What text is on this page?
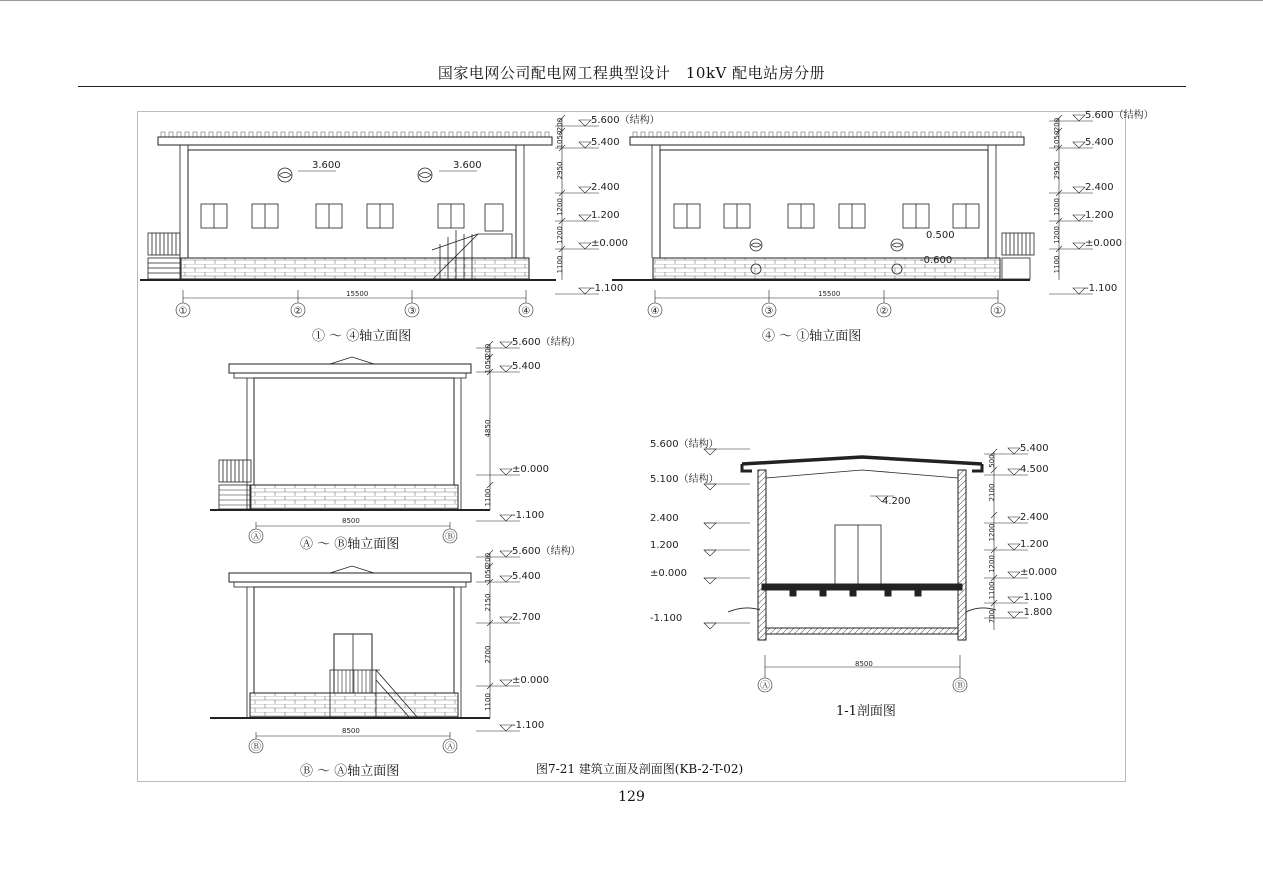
国家电网公司配电网工程典型设计　10kV 配电站房分册
3.600	3.600
15500
0.500
-0.600
15500
8500
8500
8500
4.200
5.600（结构）
5.400
2.400
1.200
±0.000
-1.100
200
1050
2950
1200
1200
1100
5.600（结构）
5.400
2.400
1.200
±0.000
-1.100
200
1050
2950
1200
1200
1100
5.600（结构）
5.400
±0.000
-1.100
200
1050
4850
1100
5.600（结构）
5.400
2.700
±0.000
-1.100
200
1050
2150
2700
1100
5.400
4.500
2.400
1.200
±0.000
-1.100
-1.800
500
2100
1200
1200
1100
700
5.600（结构）
5.100（结构）
2.400
1.200
±0.000
-1.100
①	②	③	④	④	③	②	①
Ⓐ	Ⓑ
Ⓑ	Ⓐ
Ⓐ	Ⓑ
① ～ ④轴立面图	④ ～ ①轴立面图
Ⓐ ～ Ⓑ轴立面图
Ⓑ ～ Ⓐ轴立面图
1-1剖面图
图7-21 建筑立面及剖面图(KB-2-T-02)
129
